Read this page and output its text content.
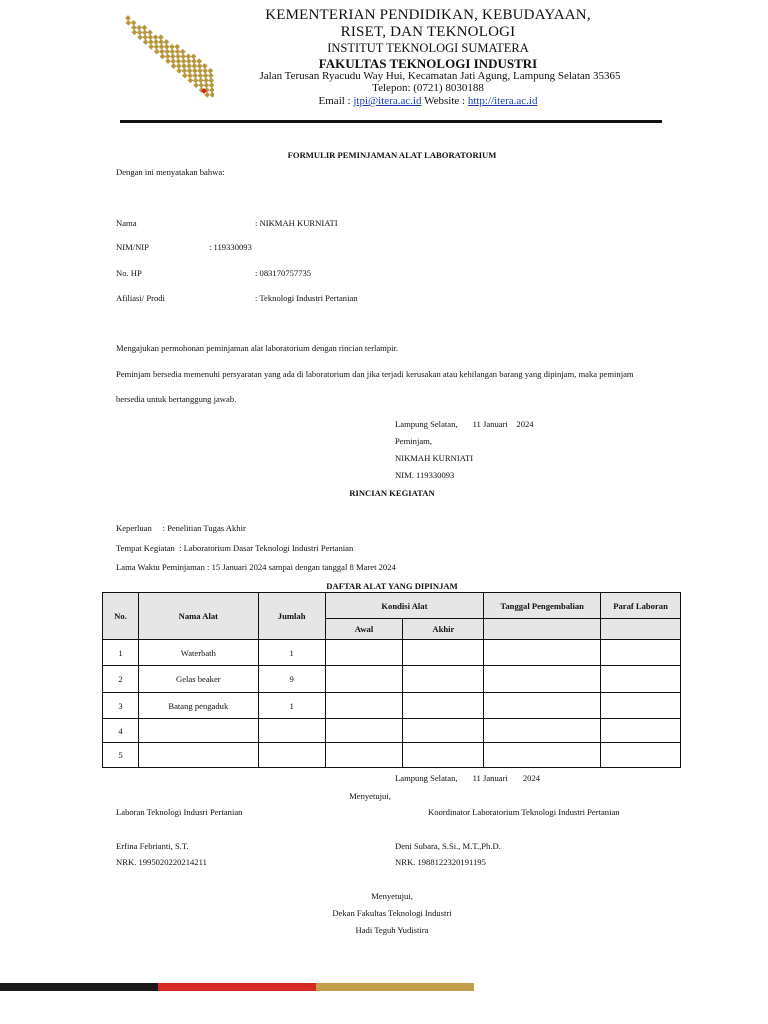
KEMENTERIAN PENDIDIKAN, KEBUDAYAAN,
RISET, DAN TEKNOLOGI
INSTITUT TEKNOLOGI SUMATERA
FAKULTAS TEKNOLOGI INDUSTRI
Jalan Terusan Ryacudu Way Hui, Kecamatan Jati Agung, Lampung Selatan 35365
Telepon: (0721) 8030188
Email : jtpi@itera.ac.id Website : http://itera.ac.id
FORMULIR PEMINJAMAN ALAT LABORATORIUM
Dengan ini menyatakan bahwa:
Nama	: NIKMAH KURNIATI
NIM/NIP	: 119330093
No. HP	: 083170757735
Afiliasi/ Prodi	: Teknologi Industri Pertanian
Mengajukan permohonan peminjaman alat laboratorium dengan rincian terlampir.
Peminjam bersedia memenuhi persyaratan yang ada di laboratorium dan jika terjadi kerusakan atau kehilangan barang yang dipinjam, maka peminjam
bersedia untuk bertanggung jawab.
Lampung Selatan,       11 Januari    2024
Peminjam,
NIKMAH KURNIATI
NIM. 119330093
RINCIAN KEGIATAN
Keperluan     : Penelitian Tugas Akhir
Tempat Kegiatan  : Laboratorium Dasar Teknologi Industri Pertanian
Lama Waktu Peminjaman : 15 Januari 2024 sampai dengan tanggal 8 Maret 2024
DAFTAR ALAT YANG DIPINJAM
No.	Nama Alat	Jumlah	Kondisi Alat		Tanggal Pengembalian	Paraf Laboran
			Awal	Akhir		
1	Waterbath	1				
2	Gelas beaker	9				
3	Batang pengaduk	1				
4						
5						
Lampung Selatan,       11 Januari       2024
Menyetujui,
Laboran Teknologi Indusri Pertanian	Koordinator Laboratorium Teknologi Industri Pertanian
Erfina Febrianti, S.T.
NRK. 1995020220214211
Deni Subara, S.Si., M.T.,Ph.D.
NRK. 1988122320191195
Menyetujui,
Dekan Fakultas Teknologi Industri
Hadi Teguh Yudistira
